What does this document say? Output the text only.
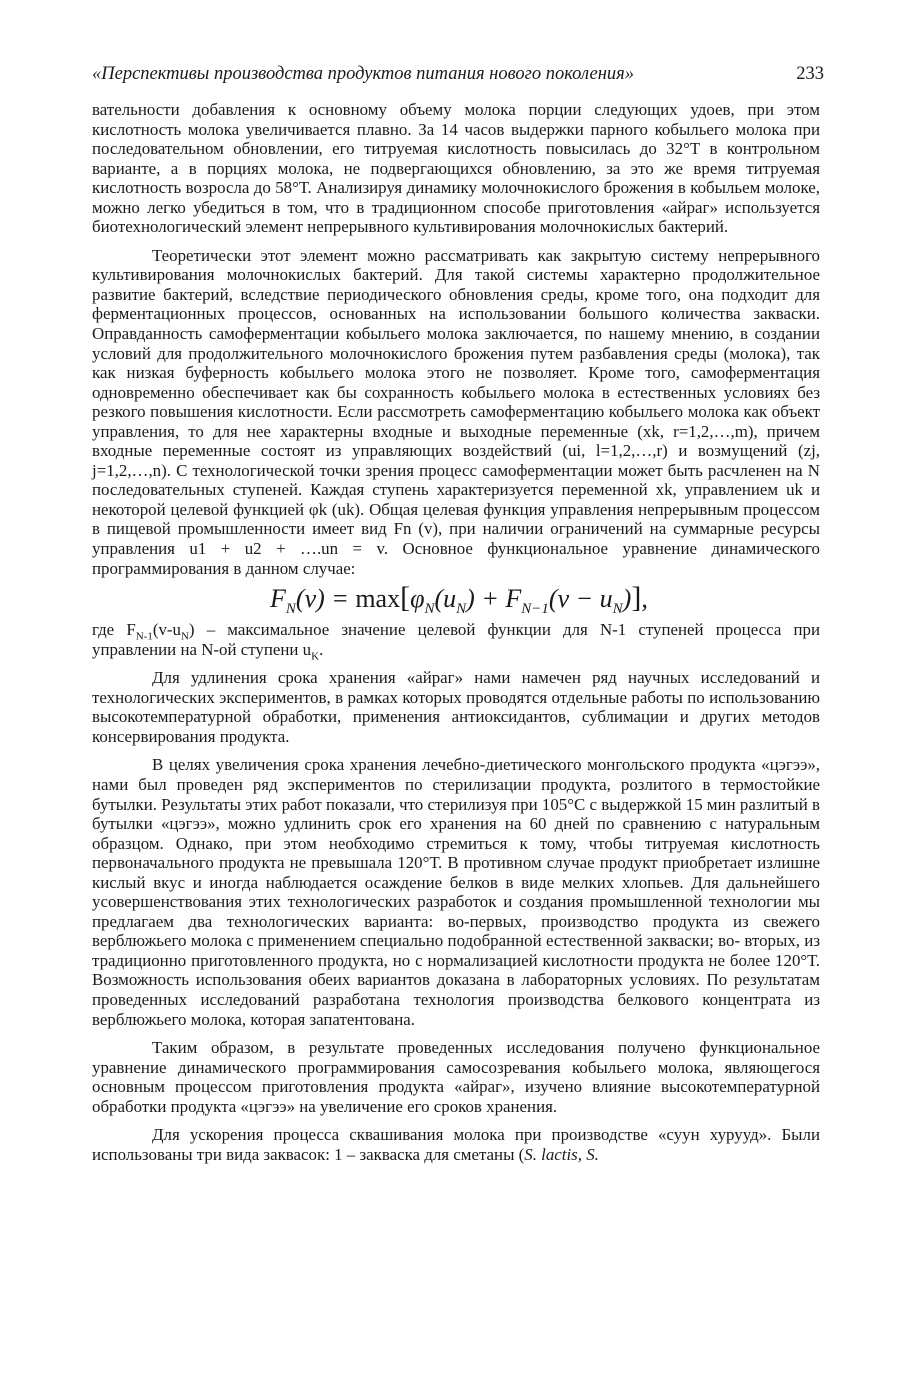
«Перспективы производства продуктов питания нового поколения»	233

вательности добавления к основному объему молока порции следующих удоев, при этом кислотность молока увеличивается плавно. За 14 часов выдержки парного кобыльего молока при последовательном обновлении, его титруемая кислотность повысилась до 32°Т в контрольном варианте, а в порциях молока, не подвергающихся обновлению, за это же время титруемая кислотность возросла до 58°Т. Анализируя динамику молочнокислого брожения в кобыльем молоке, можно легко убедиться в том, что в традиционном способе приготовления «айраг» используется биотехнологический элемент непрерывного культивирования молочнокислых бактерий.

Теоретически этот элемент можно рассматривать как закрытую систему непрерывного культивирования молочнокислых бактерий. Для такой системы характерно продолжительное развитие бактерий, вследствие периодического обновления среды, кроме того, она подходит для ферментационных процессов, основанных на использовании большого количества закваски. Оправданность самоферментации кобыльего молока заключается, по нашему мнению, в создании условий для продолжительного молочнокислого брожения путем разбавления среды (молока), так как низкая буферность кобыльего молока этого не позволяет. Кроме того, самоферментация одновременно обеспечивает как бы сохранность кобыльего молока в естественных условиях без резкого повышения кислотности. Если рассмотреть самоферментацию кобыльего молока как объект управления, то для нее характерны входные и выходные переменные (xk, r=1,2,…,m), причем входные переменные состоят из управляющих воздействий (ui, l=1,2,…,r) и возмущений (zj, j=1,2,…,n). С технологической точки зрения процесс самоферментации может быть расчленен на N последовательных ступеней. Каждая ступень характеризуется переменной xk, управлением uk и некоторой целевой функцией φk (uk). Общая целевая функция управления непрерывным процессом в пищевой промышленности имеет вид Fn (v), при наличии ограничений на суммарные ресурсы управления u1 + u2 + ….un = v. Основное функциональное уравнение динамического программирования в данном случае:

$F_N(v) = \max[\varphi_N(u_N) + F_{N-1}(v - u_N)]$,

где $F_{N-1}(v-u_N)$ – максимальное значение целевой функции для N-1 ступеней процесса при управлении на N-ой ступени $u_K$.

Для удлинения срока хранения «айраг» нами намечен ряд научных исследований и технологических экспериментов, в рамках которых проводятся отдельные работы по использованию высокотемпературной обработки, применения антиоксидантов, сублимации и других методов консервирования продукта.

В целях увеличения срока хранения лечебно-диетического монгольского продукта «цэгээ», нами был проведен ряд экспериментов по стерилизации продукта, розлитого в термостойкие бутылки. Результаты этих работ показали, что стерилизуя при 105°С с выдержкой 15 мин разлитый в бутылки «цэгээ», можно удлинить срок его хранения на 60 дней по сравнению с натуральным образцом. Однако, при этом необходимо стремиться к тому, чтобы титруемая кислотность первоначального продукта не превышала 120°Т. В противном случае продукт приобретает излишне кислый вкус и иногда наблюдается осаждение белков в виде мелких хлопьев. Для дальнейшего усовершенствования этих технологических разработок и создания промышленной технологии мы предлагаем два технологических варианта: во-первых, производство продукта из свежего верблюжьего молока с применением специально подобранной естественной закваски; во- вторых, из традиционно приготовленного продукта, но с нормализацией кислотности продукта не более 120°Т. Возможность использования обеих вариантов доказана в лабораторных условиях. По результатам проведенных исследований разработана технология производства белкового концентрата из верблюжьего молока, которая запатентована.

Таким образом, в результате проведенных исследования получено функциональное уравнение динамического программирования самосозревания кобыльего молока, являющегося основным процессом приготовления продукта «айраг», изучено влияние высокотемпературной обработки продукта «цэгээ» на увеличение его сроков хранения.

Для ускорения процесса сквашивания молока при производстве «суун хурууд». Были использованы три вида заквасок: 1 – закваска для сметаны (S. lactis, S.
